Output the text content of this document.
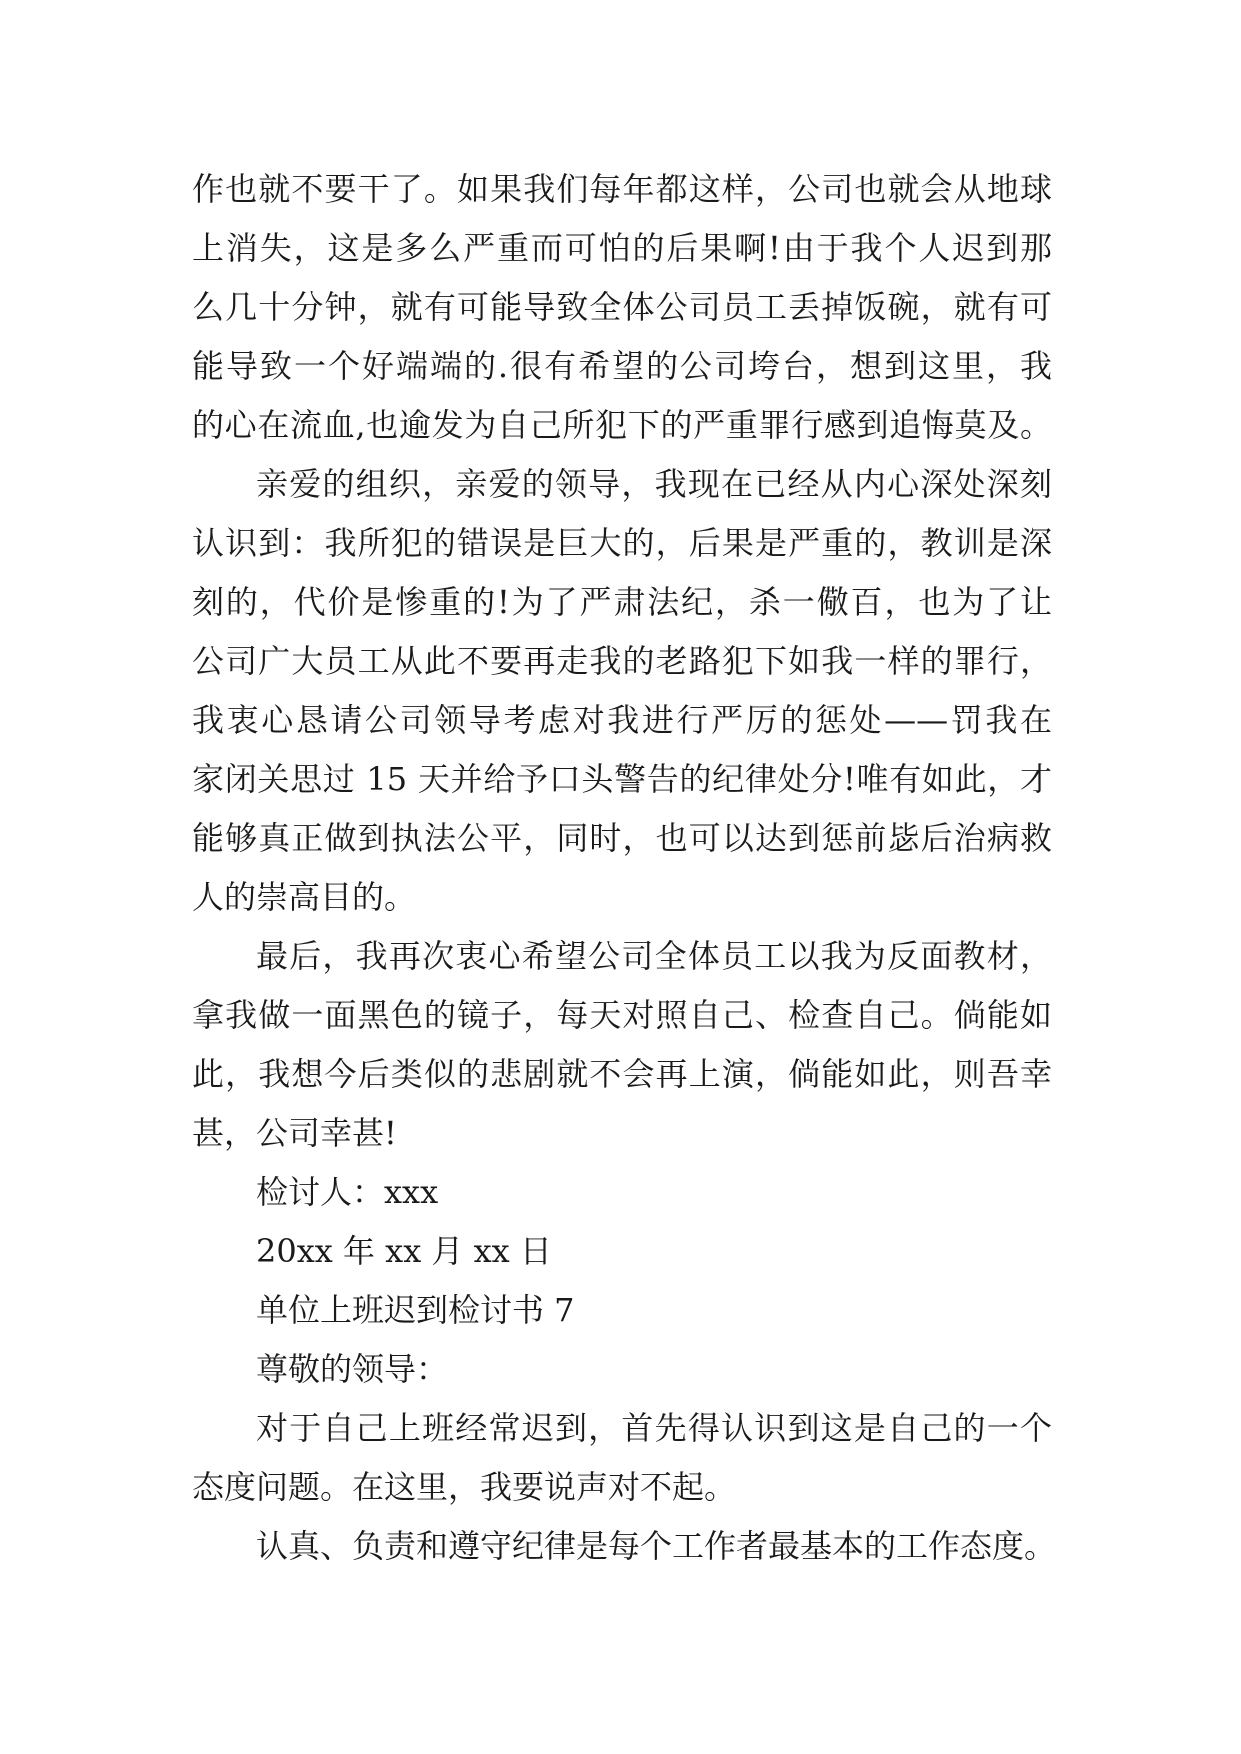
作也就不要干了。如果我们每年都这样，公司也就会从地球
上消失，这是多么严重而可怕的后果啊!由于我个人迟到那
么几十分钟，就有可能导致全体公司员工丢掉饭碗，就有可
能导致一个好端端的.很有希望的公司垮台，想到这里，我
的心在流血,也逾发为自己所犯下的严重罪行感到追悔莫及。
亲爱的组织，亲爱的领导，我现在已经从内心深处深刻
认识到：我所犯的错误是巨大的，后果是严重的，教训是深
刻的，代价是惨重的!为了严肃法纪，杀一儆百，也为了让
公司广大员工从此不要再走我的老路犯下如我一样的罪行，
我衷心恳请公司领导考虑对我进行严厉的惩处——罚我在
家闭关思过 15 天并给予口头警告的纪律处分!唯有如此，才
能够真正做到执法公平，同时，也可以达到惩前毖后治病救
人的崇高目的。
最后，我再次衷心希望公司全体员工以我为反面教材，
拿我做一面黑色的镜子，每天对照自己、检查自己。倘能如
此，我想今后类似的悲剧就不会再上演，倘能如此，则吾幸
甚，公司幸甚!
检讨人：xxx
20xx 年 xx 月 xx 日
单位上班迟到检讨书 7
尊敬的领导：
对于自己上班经常迟到，首先得认识到这是自己的一个
态度问题。在这里，我要说声对不起。
认真、负责和遵守纪律是每个工作者最基本的工作态度。
